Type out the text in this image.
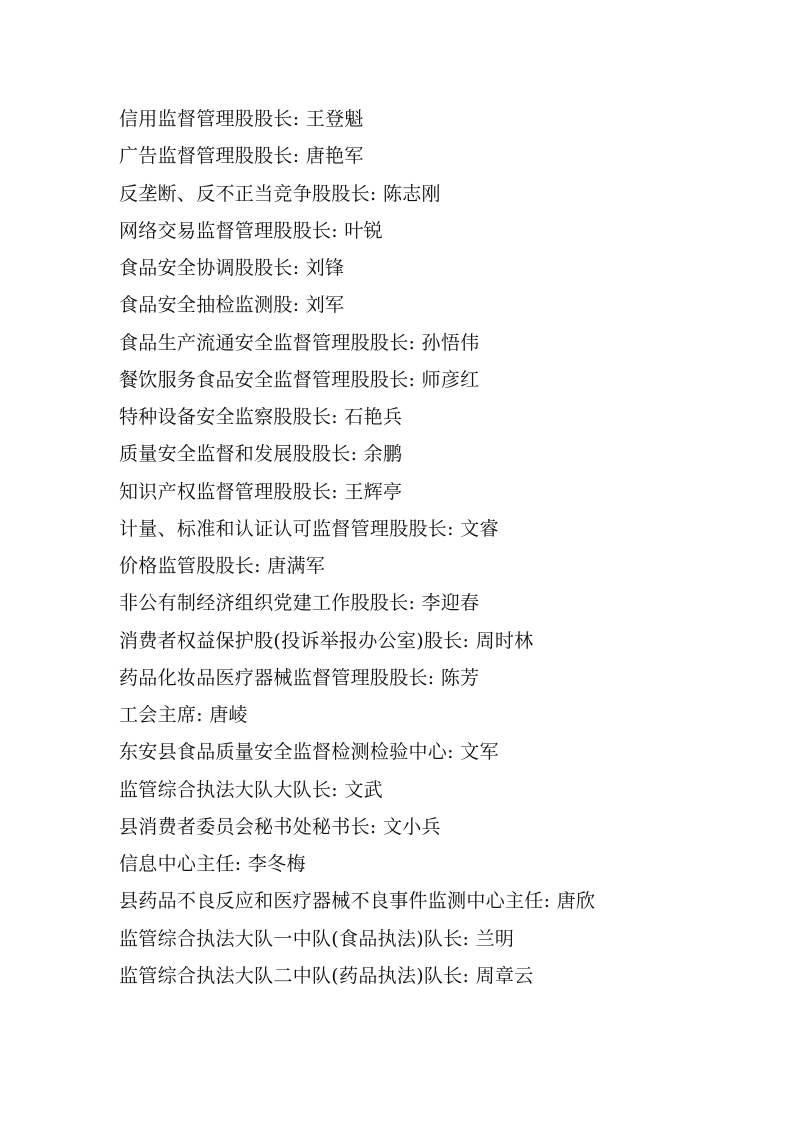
信用监督管理股股长: 王登魁
广告监督管理股股长: 唐艳军
反垄断、反不正当竞争股股长: 陈志刚
网络交易监督管理股股长: 叶锐
食品安全协调股股长: 刘锋
食品安全抽检监测股: 刘军
食品生产流通安全监督管理股股长: 孙悟伟
餐饮服务食品安全监督管理股股长: 师彦红
特种设备安全监察股股长: 石艳兵
质量安全监督和发展股股长: 余鹏
知识产权监督管理股股长: 王辉亭
计量、标准和认证认可监督管理股股长: 文睿
价格监管股股长: 唐满军
非公有制经济组织党建工作股股长: 李迎春
消费者权益保护股(投诉举报办公室)股长: 周时林
药品化妆品医疗器械监督管理股股长: 陈芳
工会主席: 唐崚
东安县食品质量安全监督检测检验中心: 文军
监管综合执法大队大队长: 文武
县消费者委员会秘书处秘书长: 文小兵
信息中心主任: 李冬梅
县药品不良反应和医疗器械不良事件监测中心主任: 唐欣
监管综合执法大队一中队(食品执法)队长: 兰明
监管综合执法大队二中队(药品执法)队长: 周章云
